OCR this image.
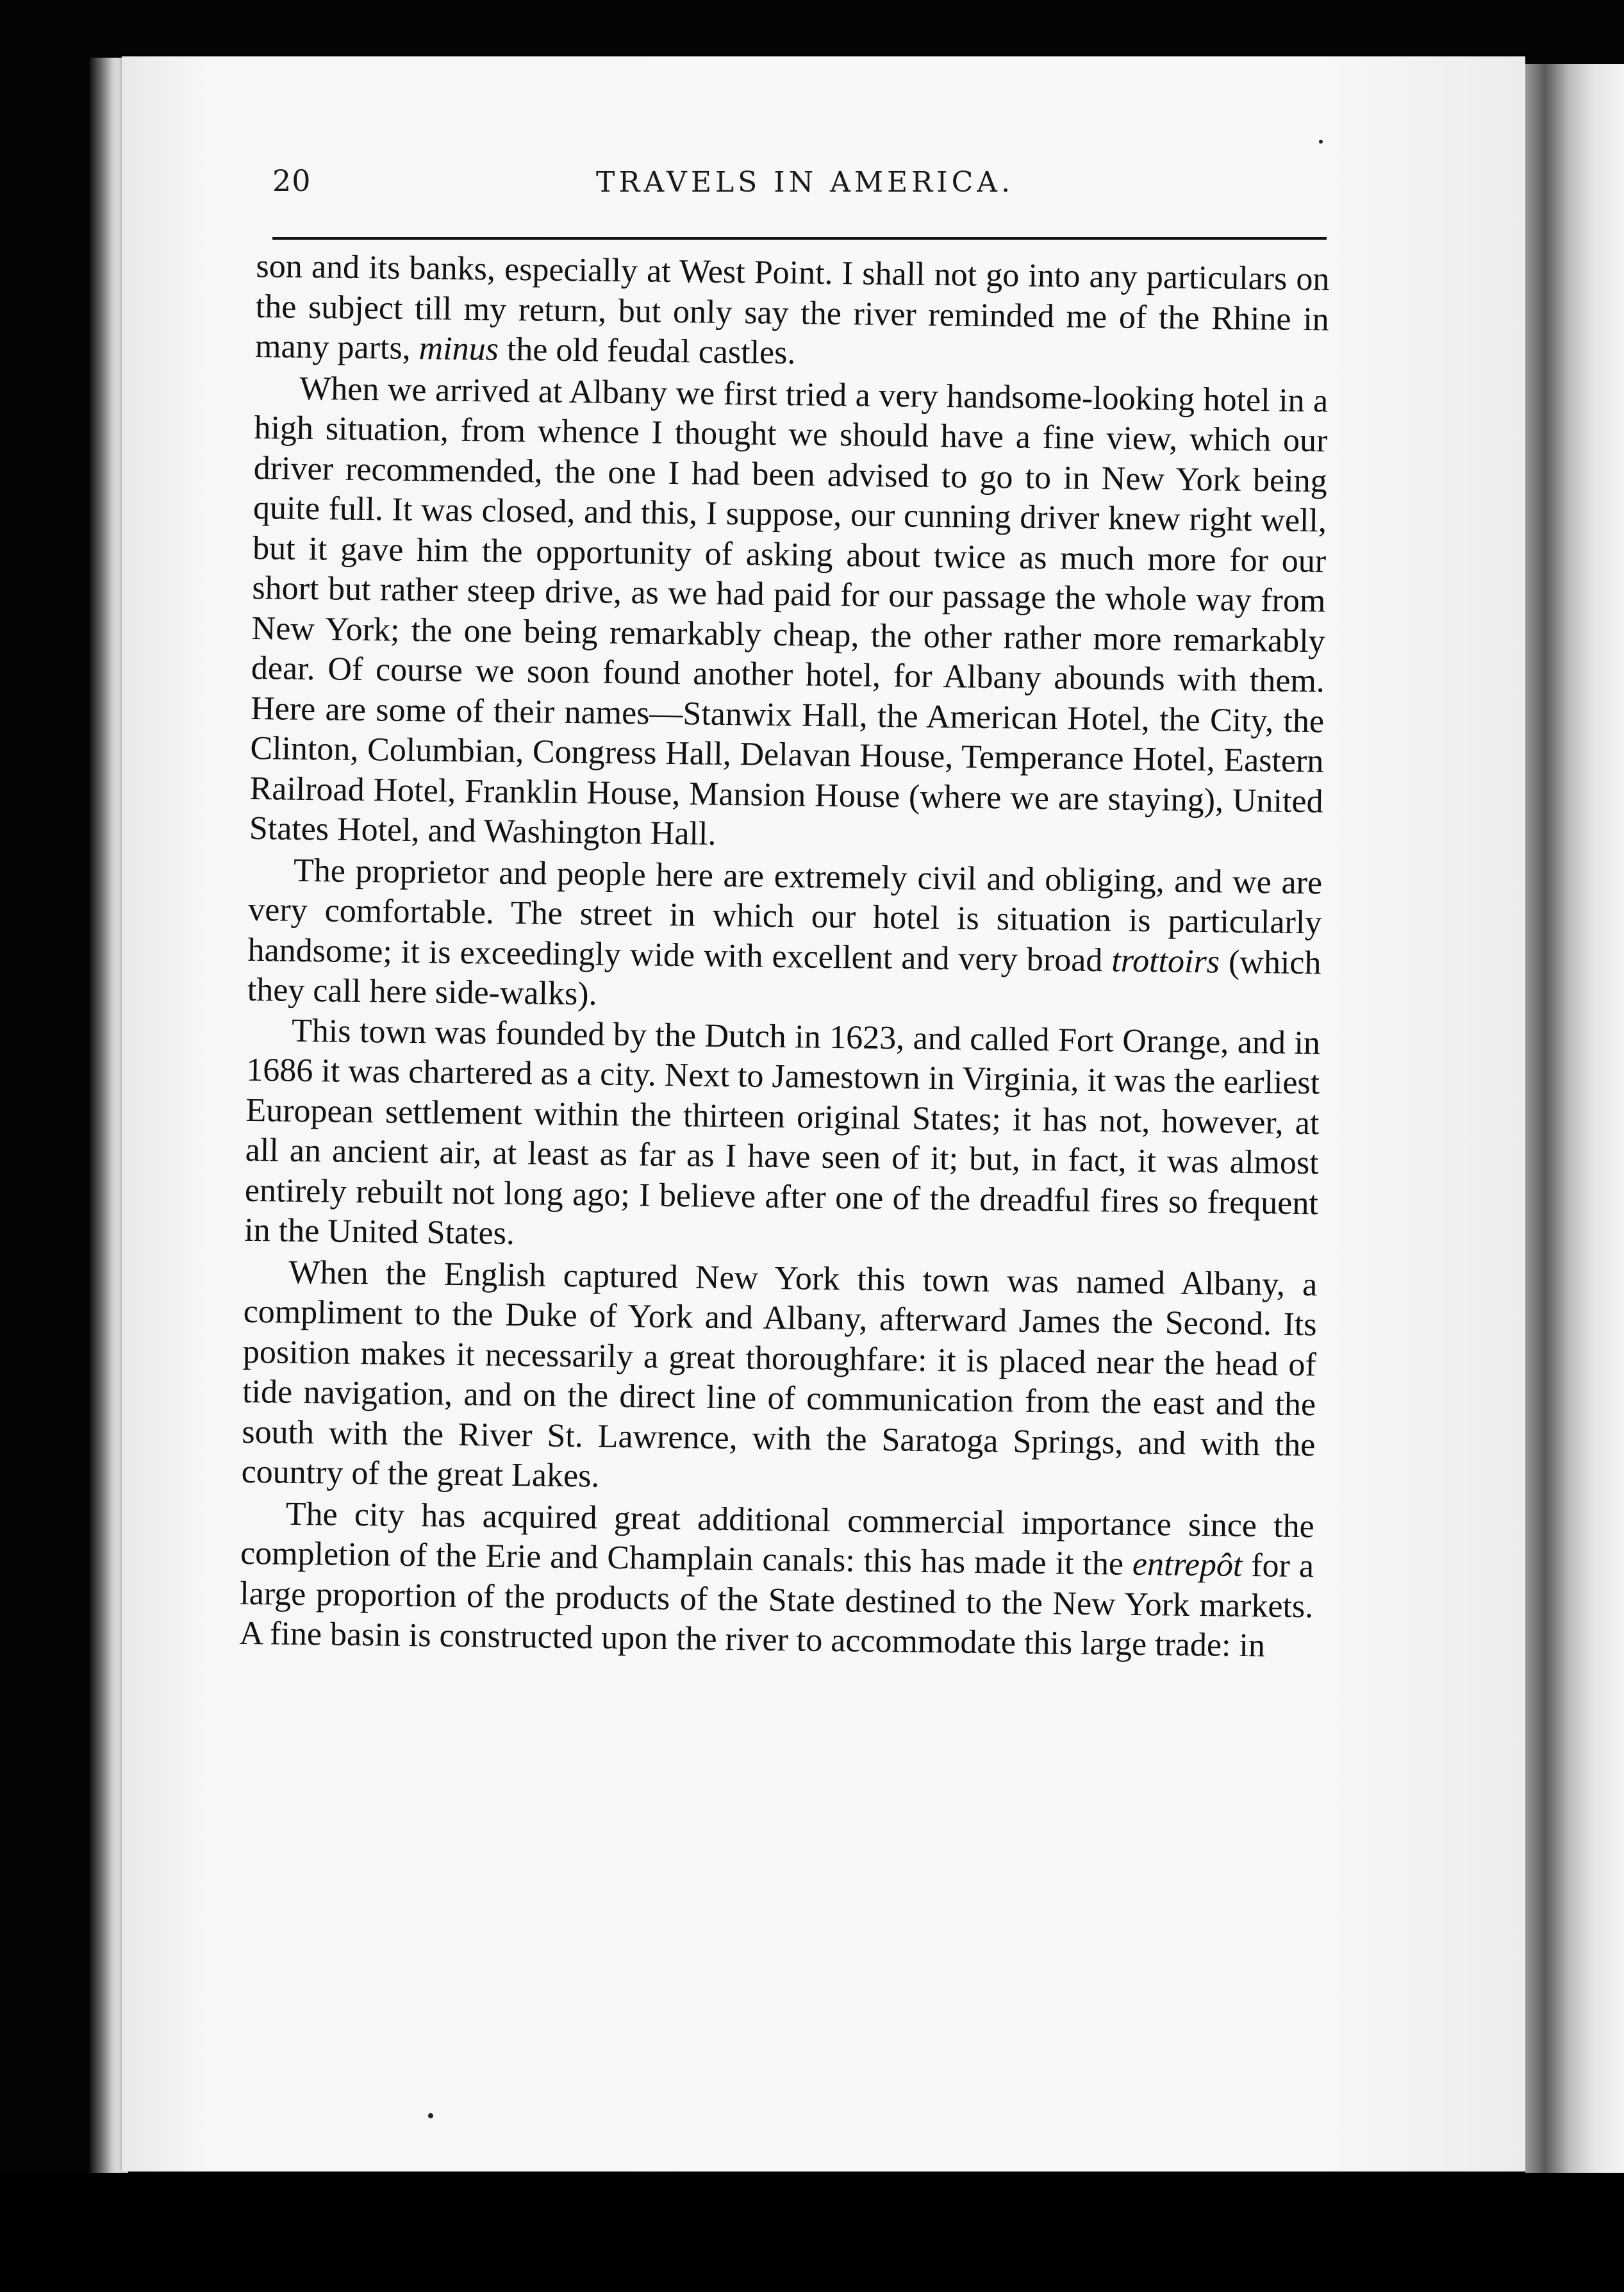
20	TRAVELS IN AMERICA.

son and its banks, especially at West Point. I shall not go into any particulars on the subject till my return, but only say the river reminded me of the Rhine in many parts, minus the old feudal castles.

When we arrived at Albany we first tried a very handsome-looking hotel in a high situation, from whence I thought we should have a fine view, which our driver recommended, the one I had been advised to go to in New York being quite full. It was closed, and this, I suppose, our cunning driver knew right well, but it gave him the opportunity of asking about twice as much more for our short but rather steep drive, as we had paid for our passage the whole way from New York; the one being remarkably cheap, the other rather more remarkably dear. Of course we soon found another hotel, for Albany abounds with them. Here are some of their names—Stanwix Hall, the American Hotel, the City, the Clinton, Columbian, Congress Hall, Delavan House, Temperance Hotel, Eastern Railroad Hotel, Franklin House, Mansion House (where we are staying), United States Hotel, and Washington Hall.

The proprietor and people here are extremely civil and obliging, and we are very comfortable. The street in which our hotel is situation is particularly handsome; it is exceedingly wide with excellent and very broad trottoirs (which they call here side-walks).

This town was founded by the Dutch in 1623, and called Fort Orange, and in 1686 it was chartered as a city. Next to Jamestown in Virginia, it was the earliest European settlement within the thirteen original States; it has not, however, at all an ancient air, at least as far as I have seen of it; but, in fact, it was almost entirely rebuilt not long ago; I believe after one of the dreadful fires so frequent in the United States.

When the English captured New York this town was named Albany, a compliment to the Duke of York and Albany, afterward James the Second. Its position makes it necessarily a great thoroughfare: it is placed near the head of tide navigation, and on the direct line of communication from the east and the south with the River St. Lawrence, with the Saratoga Springs, and with the country of the great Lakes.

The city has acquired great additional commercial importance since the completion of the Erie and Champlain canals: this has made it the entrepôt for a large proportion of the products of the State destined to the New York markets. A fine basin is constructed upon the river to accommodate this large trade: in
